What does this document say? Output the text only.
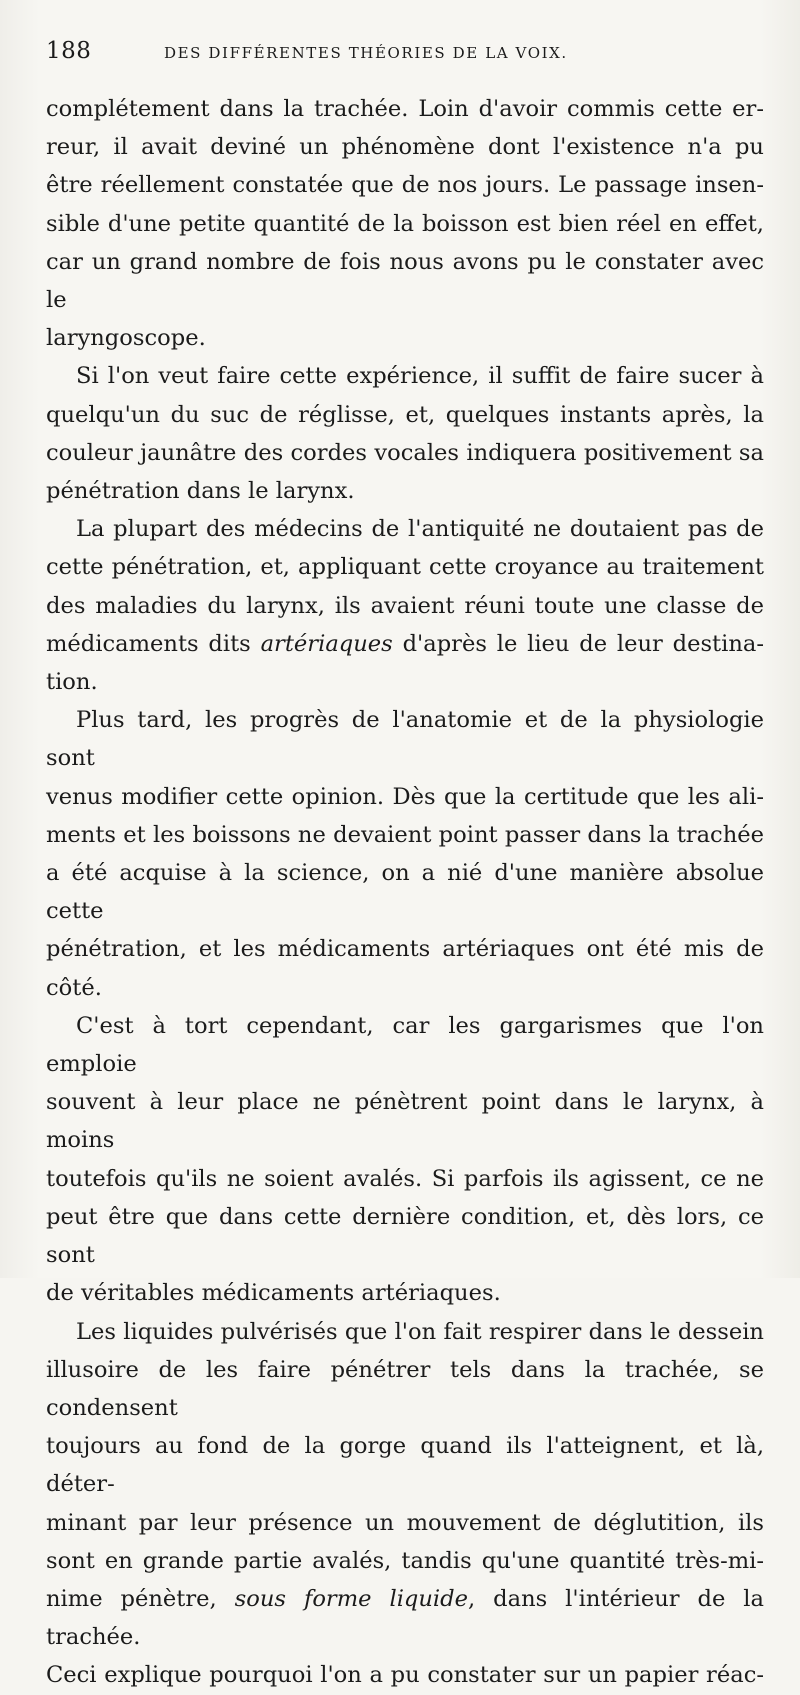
188	DES DIFFÉRENTES THÉORIES DE LA VOIX.

complétement dans la trachée. Loin d'avoir commis cette er-

reur, il avait deviné un phénomène dont l'existence n'a pu

être réellement constatée que de nos jours. Le passage insen-

sible d'une petite quantité de la boisson est bien réel en effet,

car un grand nombre de fois nous avons pu le constater avec le

laryngoscope.

Si l'on veut faire cette expérience, il suffit de faire sucer à

quelqu'un du suc de réglisse, et, quelques instants après, la

couleur jaunâtre des cordes vocales indiquera positivement sa

pénétration dans le larynx.

La plupart des médecins de l'antiquité ne doutaient pas de

cette pénétration, et, appliquant cette croyance au traitement

des maladies du larynx, ils avaient réuni toute une classe de

médicaments dits artériaques d'après le lieu de leur destina-

tion.

Plus tard, les progrès de l'anatomie et de la physiologie sont

venus modifier cette opinion. Dès que la certitude que les ali-

ments et les boissons ne devaient point passer dans la trachée

a été acquise à la science, on a nié d'une manière absolue cette

pénétration, et les médicaments artériaques ont été mis de côté.

C'est à tort cependant, car les gargarismes que l'on emploie

souvent à leur place ne pénètrent point dans le larynx, à moins

toutefois qu'ils ne soient avalés. Si parfois ils agissent, ce ne

peut être que dans cette dernière condition, et, dès lors, ce sont

de véritables médicaments artériaques.

Les liquides pulvérisés que l'on fait respirer dans le dessein

illusoire de les faire pénétrer tels dans la trachée, se condensent

toujours au fond de la gorge quand ils l'atteignent, et là, déter-

minant par leur présence un mouvement de déglutition, ils

sont en grande partie avalés, tandis qu'une quantité très-mi-

nime pénètre, sous forme liquide, dans l'intérieur de la trachée.

Ceci explique pourquoi l'on a pu constater sur un papier réac-
